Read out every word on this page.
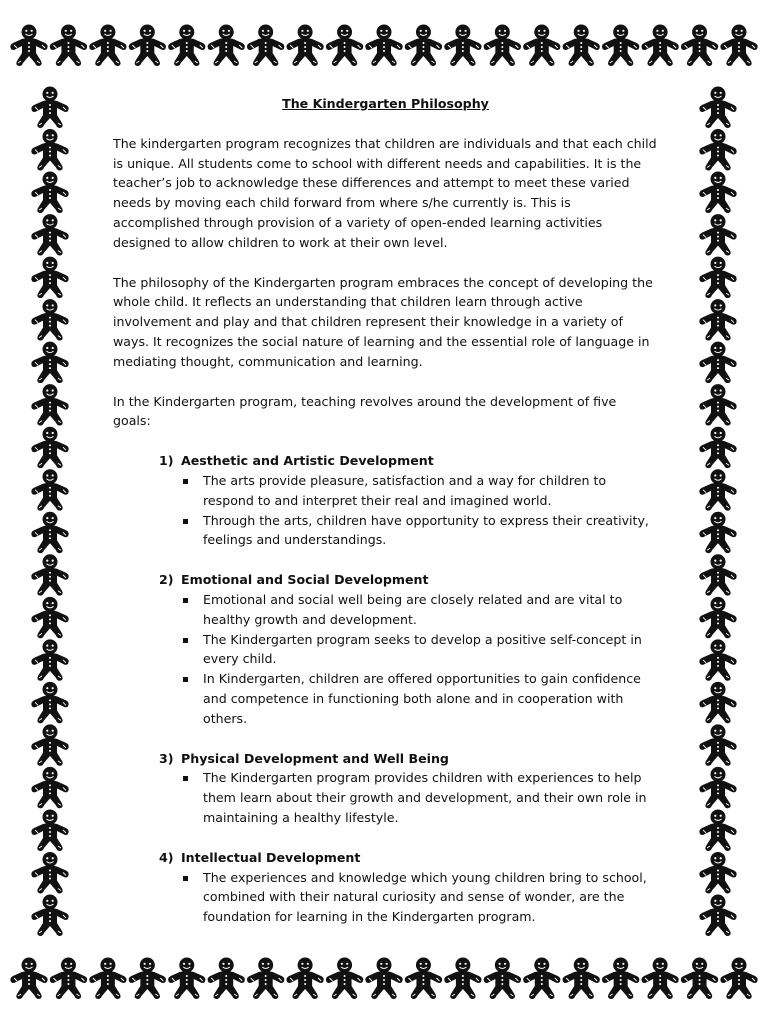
The Kindergarten Philosophy

The kindergarten program recognizes that children are individuals and that each child is unique. All students come to school with different needs and capabilities. It is the teacher’s job to acknowledge these differences and attempt to meet these varied needs by moving each child forward from where s/he currently is. This is accomplished through provision of a variety of open-ended learning activities designed to allow children to work at their own level.

The philosophy of the Kindergarten program embraces the concept of developing the whole child. It reflects an understanding that children learn through active involvement and play and that children represent their knowledge in a variety of ways. It recognizes the social nature of learning and the essential role of language in mediating thought, communication and learning.

In the Kindergarten program, teaching revolves around the development of five goals:

1) Aesthetic and Artistic Development
The arts provide pleasure, satisfaction and a way for children to respond to and interpret their real and imagined world.
Through the arts, children have opportunity to express their creativity, feelings and understandings.
2) Emotional and Social Development
Emotional and social well being are closely related and are vital to healthy growth and development.
The Kindergarten program seeks to develop a positive self-concept in every child.
In Kindergarten, children are offered opportunities to gain confidence and competence in functioning both alone and in cooperation with others.
3) Physical Development and Well Being
The Kindergarten program provides children with experiences to help them learn about their growth and development, and their own role in maintaining a healthy lifestyle.
4) Intellectual Development
The experiences and knowledge which young children bring to school, combined with their natural curiosity and sense of wonder, are the foundation for learning in the Kindergarten program.
